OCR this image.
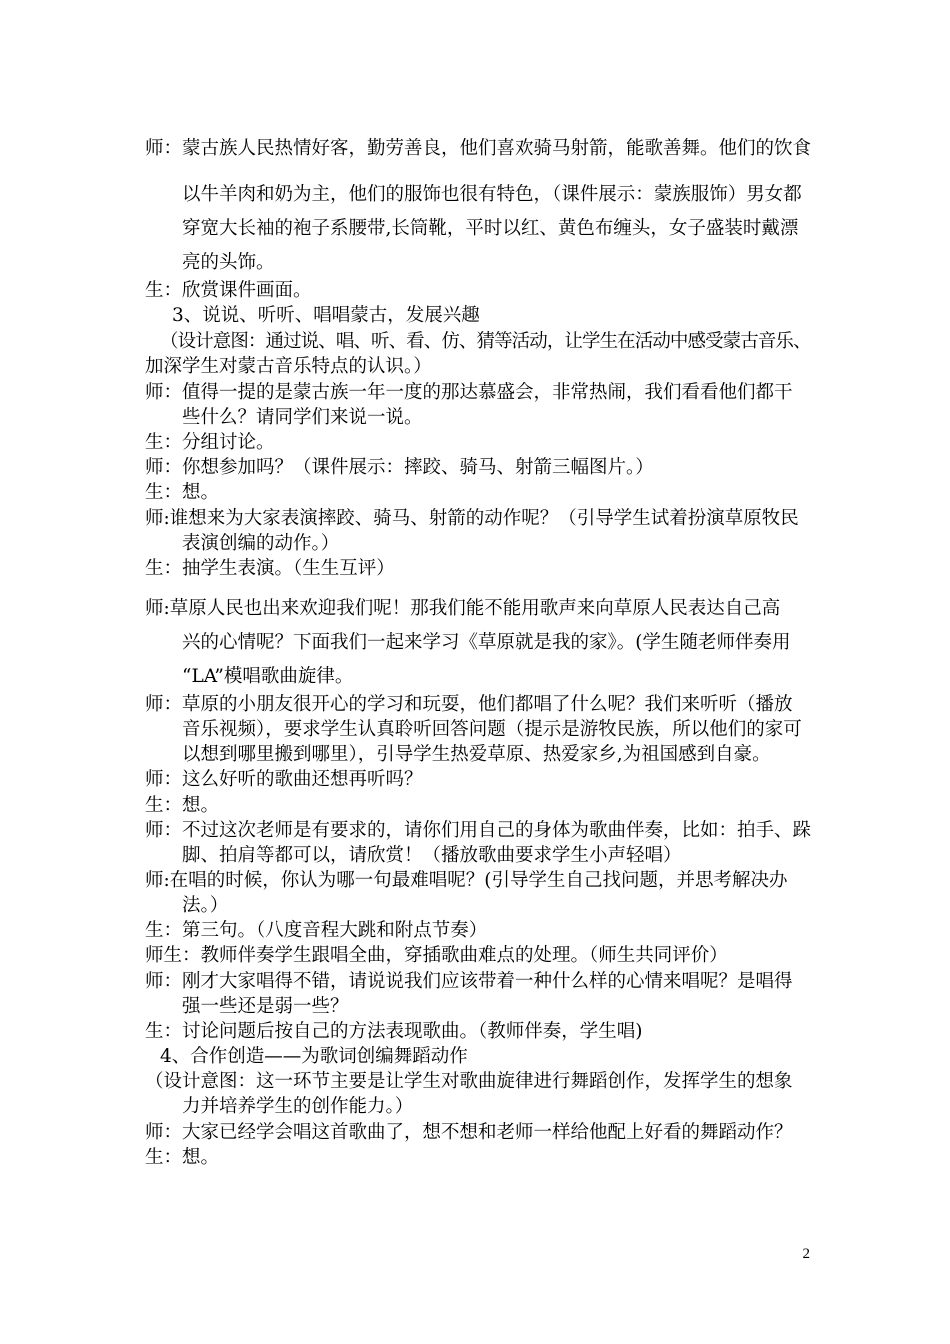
师：蒙古族人民热情好客，勤劳善良，他们喜欢骑马射箭，能歌善舞。他们的饮食
以牛羊肉和奶为主，他们的服饰也很有特色，（课件展示：蒙族服饰）男女都
穿宽大长袖的袍子系腰带,长筒靴，平时以红、黄色布缠头，女子盛装时戴漂
亮的头饰。
生：欣赏课件画面。
3、说说、听听、唱唱蒙古，发展兴趣
（设计意图：通过说、唱、听、看、仿、猜等活动，让学生在活动中感受蒙古音乐、
加深学生对蒙古音乐特点的认识。）
师：值得一提的是蒙古族一年一度的那达慕盛会，非常热闹，我们看看他们都干
些什么？请同学们来说一说。
生：分组讨论。
师：你想参加吗？（课件展示：摔跤、骑马、射箭三幅图片。）
生：想。
师:谁想来为大家表演摔跤、骑马、射箭的动作呢？（引导学生试着扮演草原牧民
表演创编的动作。）
生：抽学生表演。（生生互评）
师:草原人民也出来欢迎我们呢！那我们能不能用歌声来向草原人民表达自己高
兴的心情呢？下面我们一起来学习《草原就是我的家》。(学生随老师伴奏用
“LA”模唱歌曲旋律。
师：草原的小朋友很开心的学习和玩耍，他们都唱了什么呢？我们来听听（播放
音乐视频），要求学生认真聆听回答问题（提示是游牧民族，所以他们的家可
以想到哪里搬到哪里），引导学生热爱草原、热爱家乡,为祖国感到自豪。
师：这么好听的歌曲还想再听吗？
生：想。
师：不过这次老师是有要求的，请你们用自己的身体为歌曲伴奏，比如：拍手、跺
脚、拍肩等都可以，请欣赏！（播放歌曲要求学生小声轻唱）
师:在唱的时候，你认为哪一句最难唱呢？(引导学生自己找问题，并思考解决办
法。）
生：第三句。（八度音程大跳和附点节奏）
师生：教师伴奏学生跟唱全曲，穿插歌曲难点的处理。（师生共同评价）
师：刚才大家唱得不错，请说说我们应该带着一种什么样的心情来唱呢？是唱得
强一些还是弱一些？
生：讨论问题后按自己的方法表现歌曲。（教师伴奏，学生唱)
4、合作创造——为歌词创编舞蹈动作
（设计意图：这一环节主要是让学生对歌曲旋律进行舞蹈创作，发挥学生的想象
力并培养学生的创作能力。）
师：大家已经学会唱这首歌曲了，想不想和老师一样给他配上好看的舞蹈动作？
生：想。
2
